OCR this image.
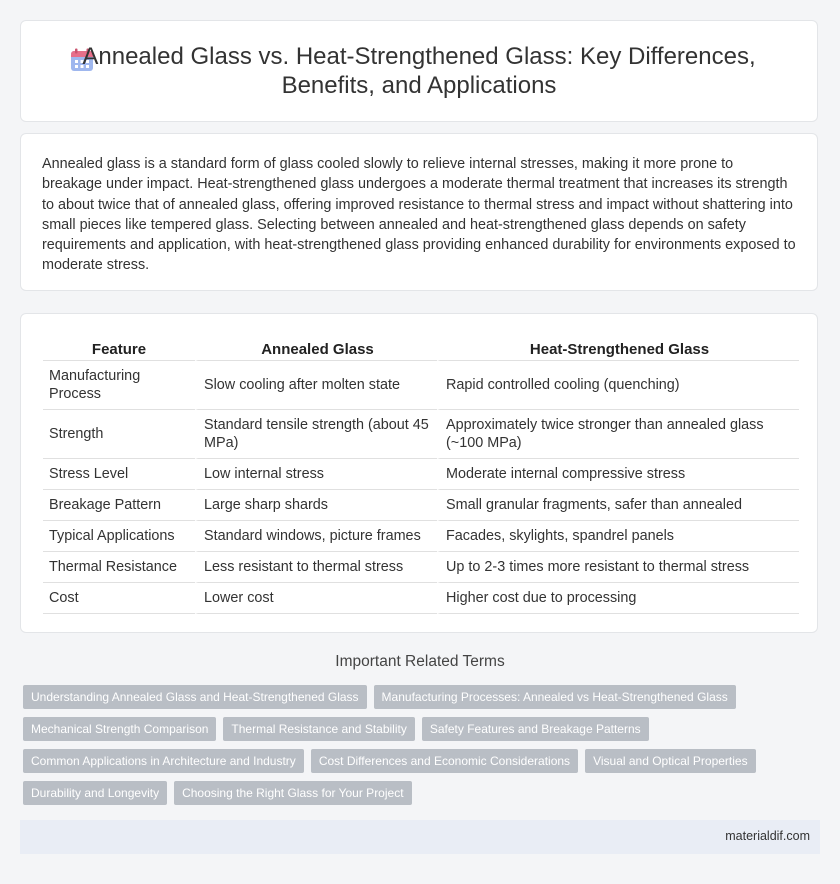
Annealed Glass vs. Heat-Strengthened Glass: Key Differences, Benefits, and Applications

Annealed glass is a standard form of glass cooled slowly to relieve internal stresses, making it more prone to breakage under impact. Heat-strengthened glass undergoes a moderate thermal treatment that increases its strength to about twice that of annealed glass, offering improved resistance to thermal stress and impact without shattering into small pieces like tempered glass. Selecting between annealed and heat-strengthened glass depends on safety requirements and application, with heat-strengthened glass providing enhanced durability for environments exposed to moderate stress.

Feature	Annealed Glass	Heat-Strengthened Glass
Manufacturing Process	Slow cooling after molten state	Rapid controlled cooling (quenching)
Strength	Standard tensile strength (about 45 MPa)	Approximately twice stronger than annealed glass (~100 MPa)
Stress Level	Low internal stress	Moderate internal compressive stress
Breakage Pattern	Large sharp shards	Small granular fragments, safer than annealed
Typical Applications	Standard windows, picture frames	Facades, skylights, spandrel panels
Thermal Resistance	Less resistant to thermal stress	Up to 2-3 times more resistant to thermal stress
Cost	Lower cost	Higher cost due to processing
Important Related Terms
Understanding Annealed Glass and Heat-Strengthened Glass	Manufacturing Processes: Annealed vs Heat-Strengthened Glass
Mechanical Strength Comparison	Thermal Resistance and Stability	Safety Features and Breakage Patterns
Common Applications in Architecture and Industry	Cost Differences and Economic Considerations	Visual and Optical Properties
Durability and Longevity	Choosing the Right Glass for Your Project
materialdif.com
